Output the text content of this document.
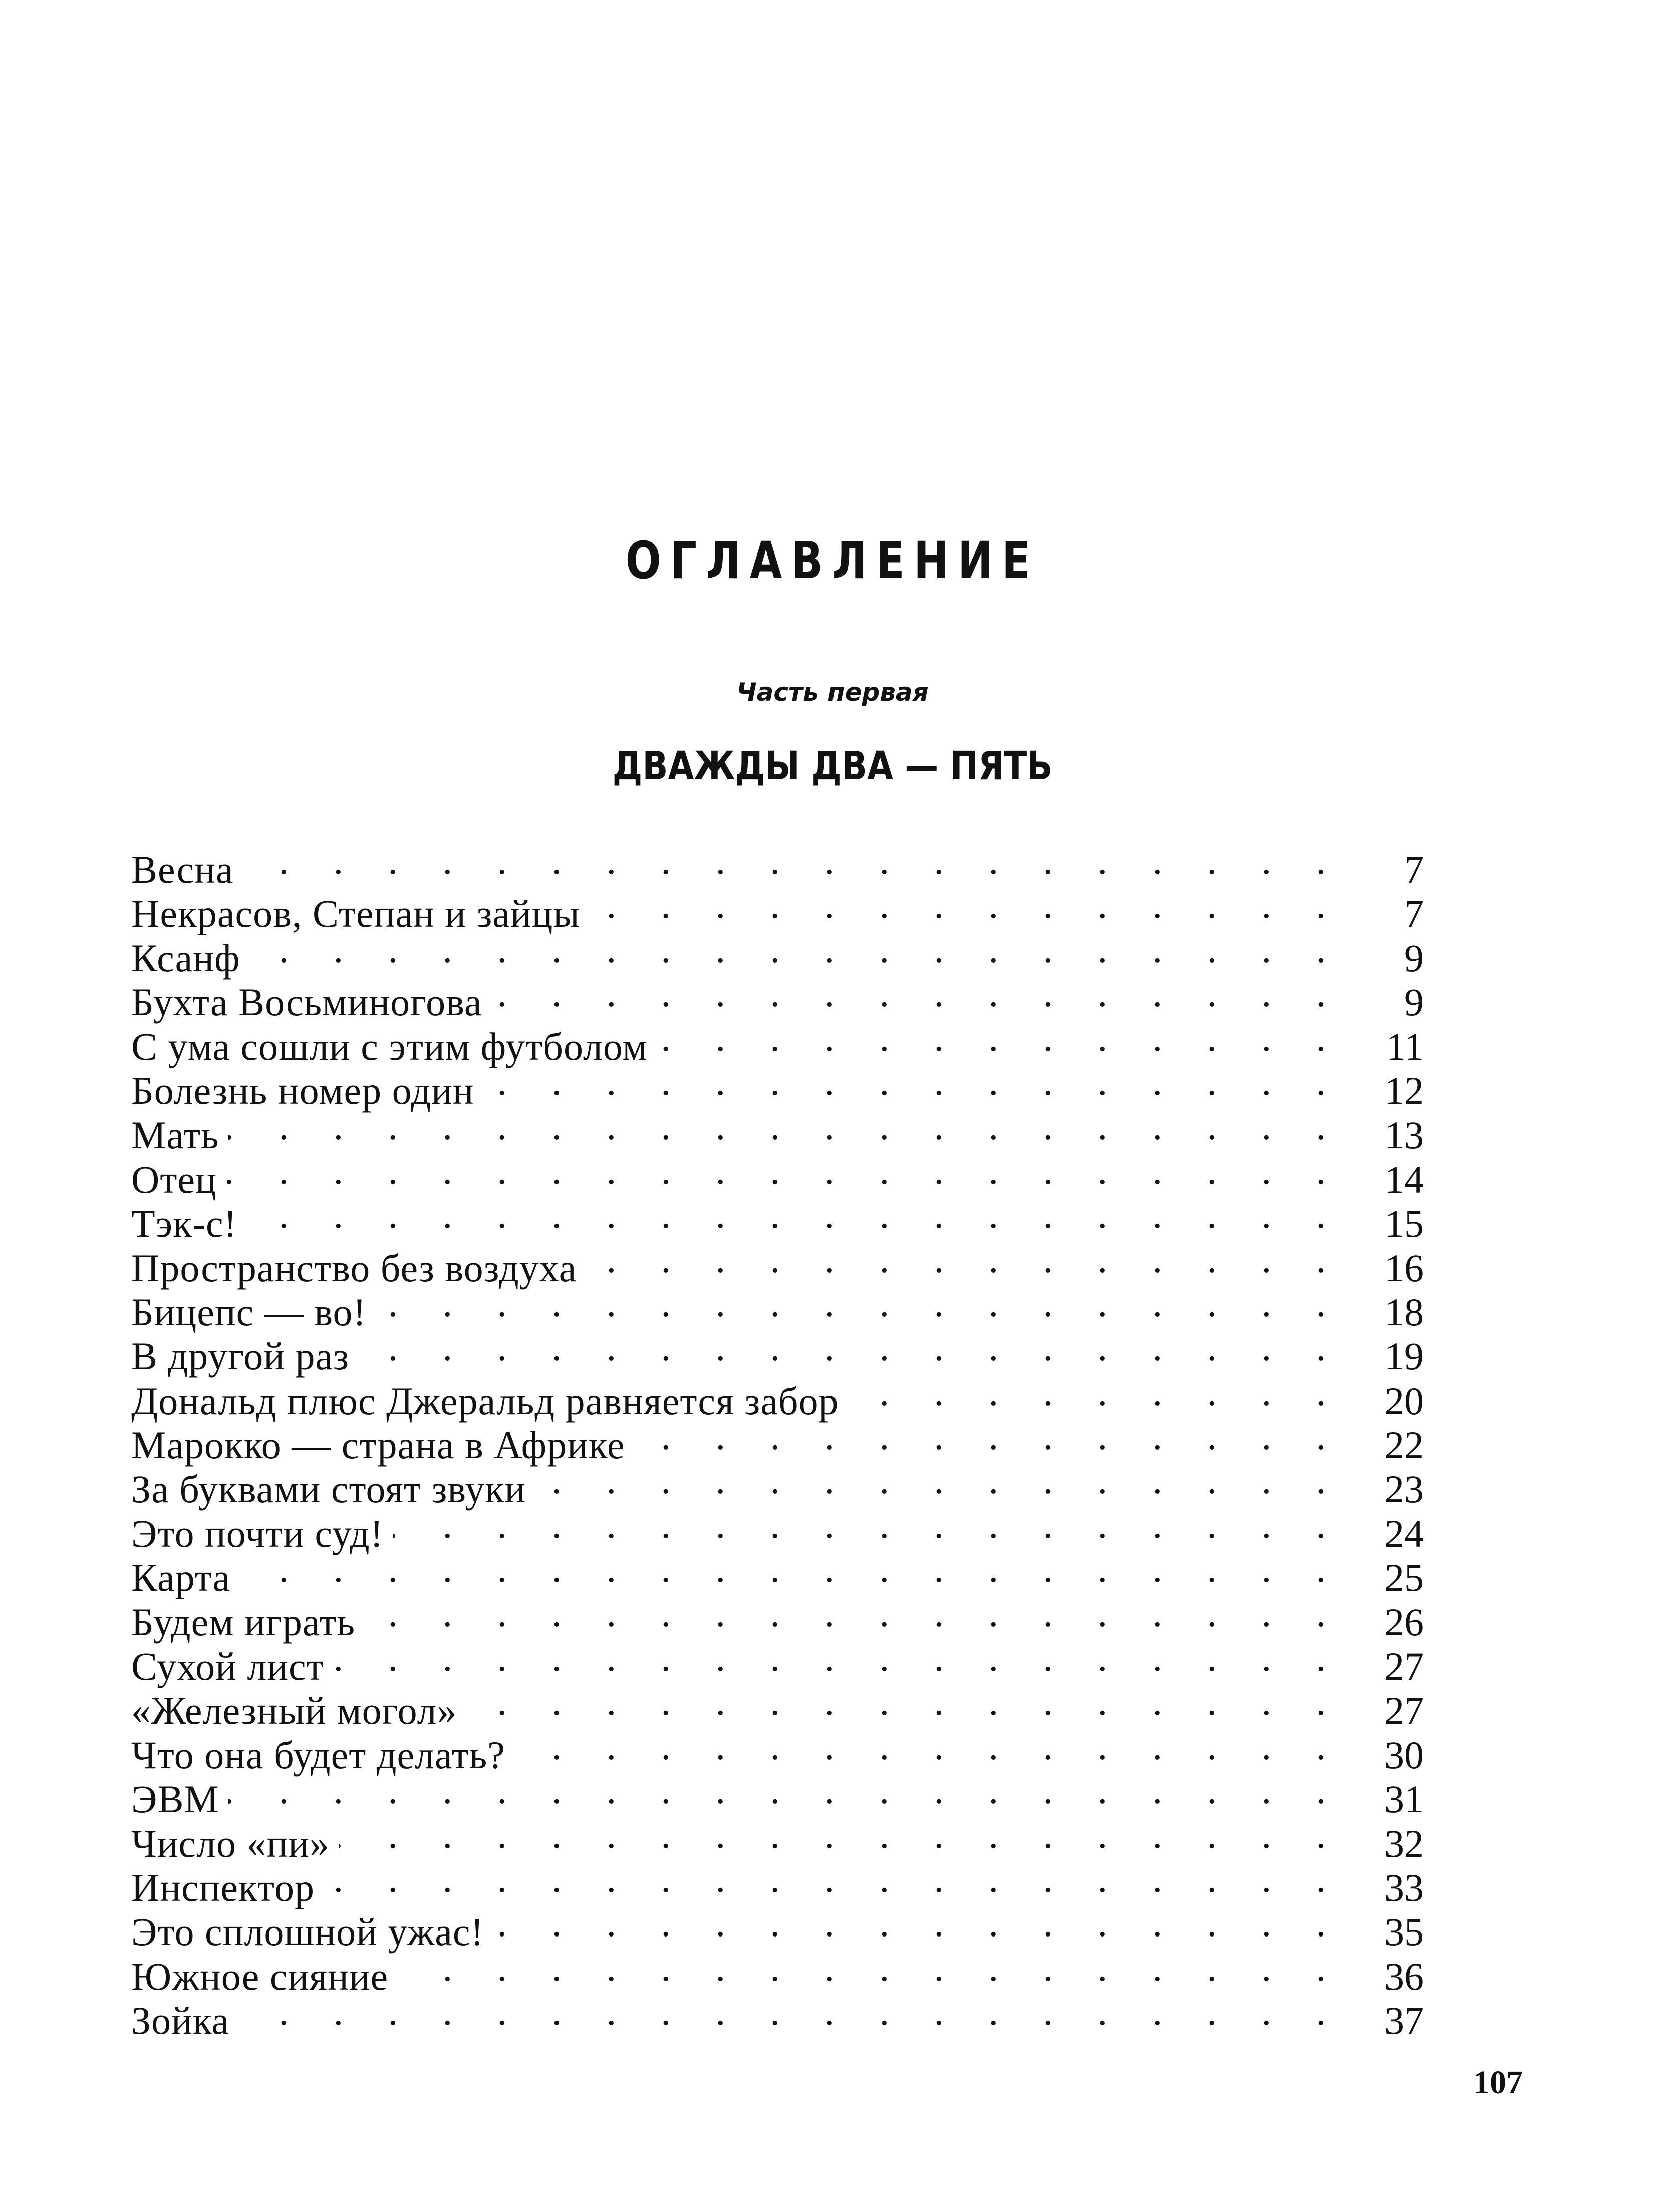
ОГЛАВЛЕНИЕ
Часть первая
ДВАЖДЫ ДВА — ПЯТЬ
Весна . . .	7
Некрасов, Степан и зайцы . . .	7
Ксанф . . .	9
Бухта Восьминогова . . .	9
С ума сошли с этим футболом . . .	11
Болезнь номер один . . .	12
Мать . . .	13
Отец . . .	14
Тэк-с! . . .	15
Пространство без воздуха . . .	16
Бицепс — во! . . .	18
В другой раз . . .	19
Дональд плюс Джеральд равняется забор . . .	20
Марокко — страна в Африке . . .	22
За буквами стоят звуки . . .	23
Это почти суд! . . .	24
Карта . . .	25
Будем играть . . .	26
Сухой лист . . .	27
«Железный могол» . . .	27
Что она будет делать? . . .	30
ЭВМ . . .	31
Число «пи» . . .	32
Инспектор . . .	33
Это сплошной ужас! . . .	35
Южное сияние . . .	36
Зойка . . .	37
107
